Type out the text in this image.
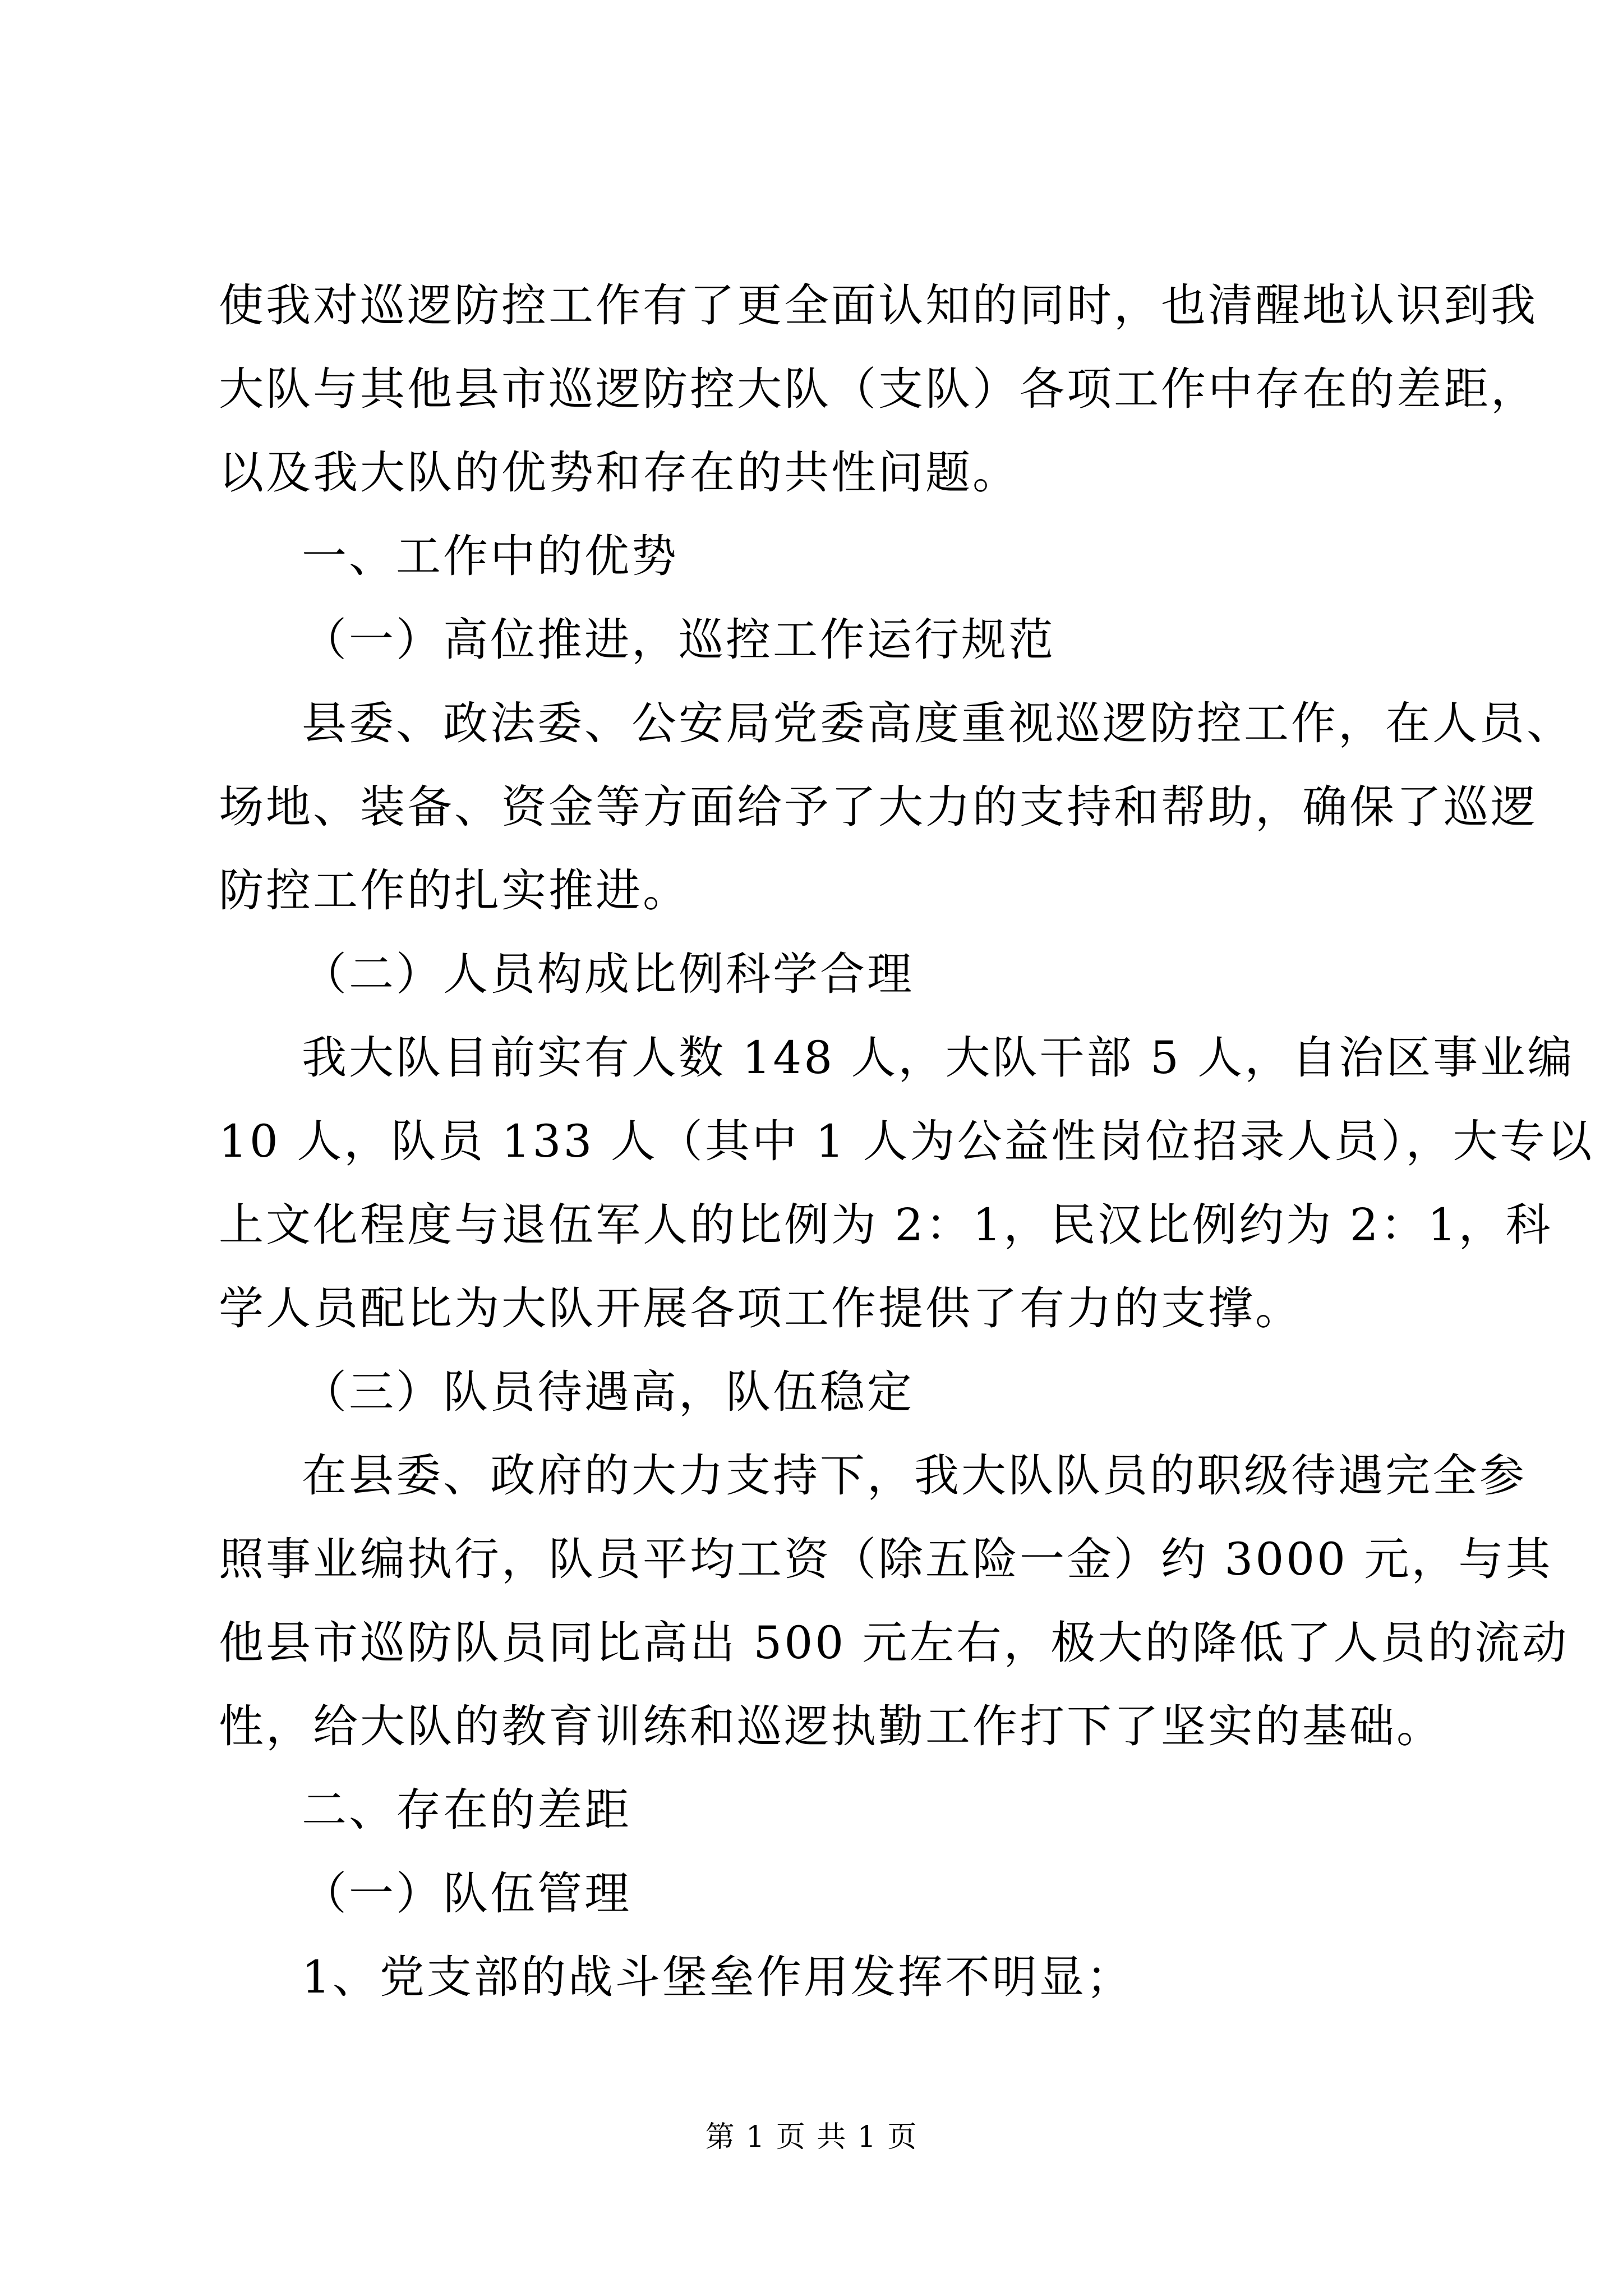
使我对巡逻防控工作有了更全面认知的同时，也清醒地认识到我
大队与其他县市巡逻防控大队（支队）各项工作中存在的差距，
以及我大队的优势和存在的共性问题。
一、工作中的优势
（一）高位推进，巡控工作运行规范
县委、政法委、公安局党委高度重视巡逻防控工作，在人员、
场地、装备、资金等方面给予了大力的支持和帮助，确保了巡逻
防控工作的扎实推进。
（二）人员构成比例科学合理
我大队目前实有人数 148 人，大队干部 5 人，自治区事业编
10 人，队员 133 人（其中 1 人为公益性岗位招录人员），大专以
上文化程度与退伍军人的比例为 2：1，民汉比例约为 2：1，科
学人员配比为大队开展各项工作提供了有力的支撑。
（三）队员待遇高，队伍稳定
在县委、政府的大力支持下，我大队队员的职级待遇完全参
照事业编执行，队员平均工资（除五险一金）约 3000 元，与其
他县市巡防队员同比高出 500 元左右，极大的降低了人员的流动
性，给大队的教育训练和巡逻执勤工作打下了坚实的基础。
二、存在的差距
（一）队伍管理
1、党支部的战斗堡垒作用发挥不明显；
第 1 页 共 1 页
